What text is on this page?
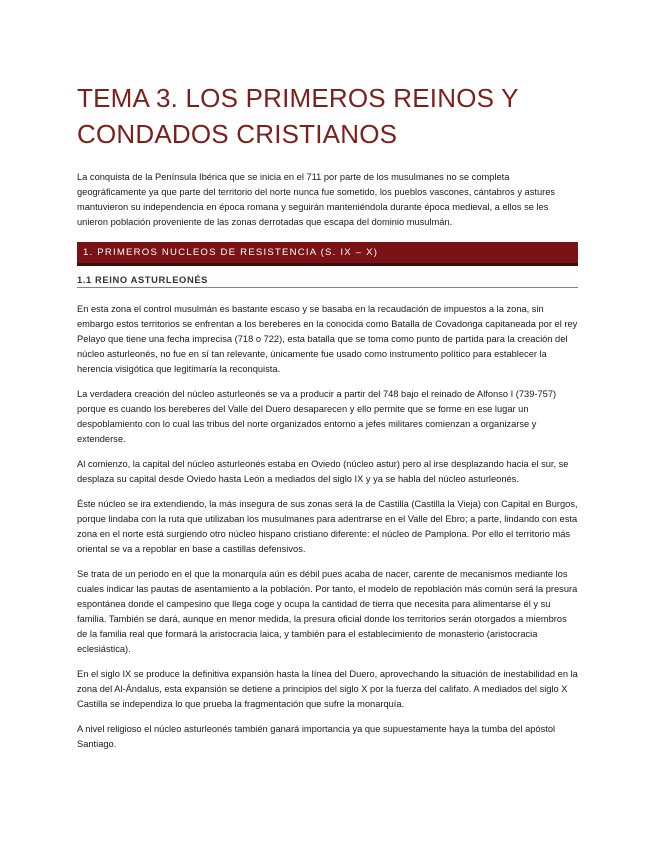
TEMA 3. LOS PRIMEROS REINOS Y CONDADOS CRISTIANOS

La conquista de la Península Ibérica que se inicia en el 711 por parte de los musulmanes no se completa geográficamente ya que parte del territorio del norte nunca fue sometido, los pueblos vascones, cántabros y astures mantuvieron su independencia en época romana y seguirán manteniéndola durante época medieval, a ellos se les unieron población proveniente de las zonas derrotadas que escapa del dominio musulmán.

1. PRIMEROS NUCLEOS DE RESISTENCIA (S. IX – X)
1.1 REINO ASTURLEONÉS

En esta zona el control musulmán es bastante escaso y se basaba en la recaudación de impuestos a la zona, sin embargo estos territorios se enfrentan a los bereberes en la conocida como Batalla de Covadonga capitaneada por el rey Pelayo que tiene una fecha imprecisa (718 o 722), esta batalla que se toma como punto de partida para la creación del núcleo asturleonés, no fue en sí tan relevante, únicamente fue usado como instrumento político para establecer la herencia visigótica que legitimaría la reconquista.

La verdadera creación del núcleo asturleonés se va a producir a partir del 748 bajo el reinado de Alfonso I (739-757) porque es cuando los bereberes del Valle del Duero desaparecen y ello permite que se forme en ese lugar un despoblamiento con lo cual las tribus del norte organizados entorno a jefes militares comienzan a organizarse y extenderse.

Al comienzo, la capital del núcleo asturleonés estaba en Oviedo (núcleo astur) pero al irse desplazando hacia el sur, se desplaza su capital desde Oviedo hasta León a mediados del siglo IX y ya se habla del núcleo asturleonés.

Éste núcleo se ira extendiendo, la más insegura de sus zonas será la de Castilla (Castilla la Vieja) con Capital en Burgos, porque lindaba con la ruta que utilizaban los musulmanes para adentrarse en el Valle del Ebro; a parte, lindando con esta zona en el norte está surgiendo otro núcleo hispano cristiano diferente: el núcleo de Pamplona. Por ello el territorio más oriental se va a repoblar en base a castillas defensivos.

Se trata de un periodo en el que la monarquía aún es débil pues acaba de nacer, carente de mecanismos mediante los cuales indicar las pautas de asentamiento a la población. Por tanto, el modelo de repoblación más común será la presura espontánea donde el campesino que llega coge y ocupa la cantidad de tierra que necesita para alimentarse él y su familia. También se dará, aunque en menor medida, la presura oficial donde los territorios serán otorgados a miembros de la familia real que formará la aristocracia laica, y también para el establecimiento de monasterio (aristocracia eclesiástica).

En el siglo IX se produce la definitiva expansión hasta la línea del Duero, aprovechando la situación de inestabilidad en la zona del Al-Ándalus, esta expansión se detiene a principios del siglo X por la fuerza del califato. A mediados del siglo X Castilla se independiza lo que prueba la fragmentación que sufre la monarquía.

A nivel religioso el núcleo asturleonés también ganará importancia ya que supuestamente haya la tumba del apóstol Santiago.
